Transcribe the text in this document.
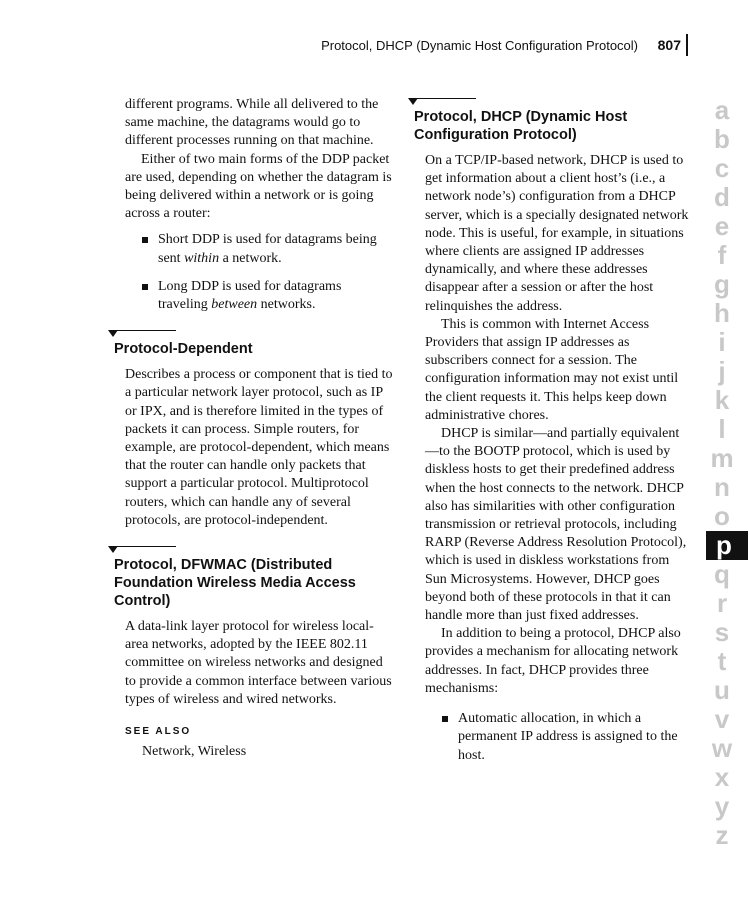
Protocol, DHCP (Dynamic Host Configuration Protocol) 807

different programs. While all delivered to the same machine, the datagrams would go to different processes running on that machine.

Either of two main forms of the DDP packet are used, depending on whether the datagram is being delivered within a network or is going across a router:

Short DDP is used for datagrams being sent within a network.
Long DDP is used for datagrams traveling between networks.
Protocol-Dependent

Describes a process or component that is tied to a particular network layer protocol, such as IP or IPX, and is therefore limited in the types of packets it can process. Simple routers, for example, are protocol-dependent, which means that the router can handle only packets that support a particular protocol. Multiprotocol routers, which can handle any of several protocols, are protocol-independent.

Protocol, DFWMAC (Distributed Foundation Wireless Media Access Control)

A data-link layer protocol for wireless local-area networks, adopted by the IEEE 802.11 committee on wireless networks and designed to provide a common interface between various types of wireless and wired networks.

SEE ALSO
Network, Wireless
Protocol, DHCP (Dynamic Host Configuration Protocol)

On a TCP/IP-based network, DHCP is used to get information about a client host’s (i.e., a network node’s) configuration from a DHCP server, which is a specially designated network node. This is useful, for example, in situations where clients are assigned IP addresses dynamically, and where these addresses disappear after a session or after the host relinquishes the address.

This is common with Internet Access Providers that assign IP addresses as subscribers connect for a session. The configuration information may not exist until the client requests it. This helps keep down administrative chores.

DHCP is similar—and partially equivalent—to the BOOTP protocol, which is used by diskless hosts to get their predefined address when the host connects to the network. DHCP also has similarities with other configuration transmission or retrieval protocols, including RARP (Reverse Address Resolution Protocol), which is used in diskless workstations from Sun Microsystems. However, DHCP goes beyond both of these protocols in that it can handle more than just fixed addresses.

In addition to being a protocol, DHCP also provides a mechanism for allocating network addresses. In fact, DHCP provides three mechanisms:

Automatic allocation, in which a permanent IP address is assigned to the host.
a
b
c
d
e
f
g
h
i
j
k
l
m
n
o
p
q
r
s
t
u
v
w
x
y
z
